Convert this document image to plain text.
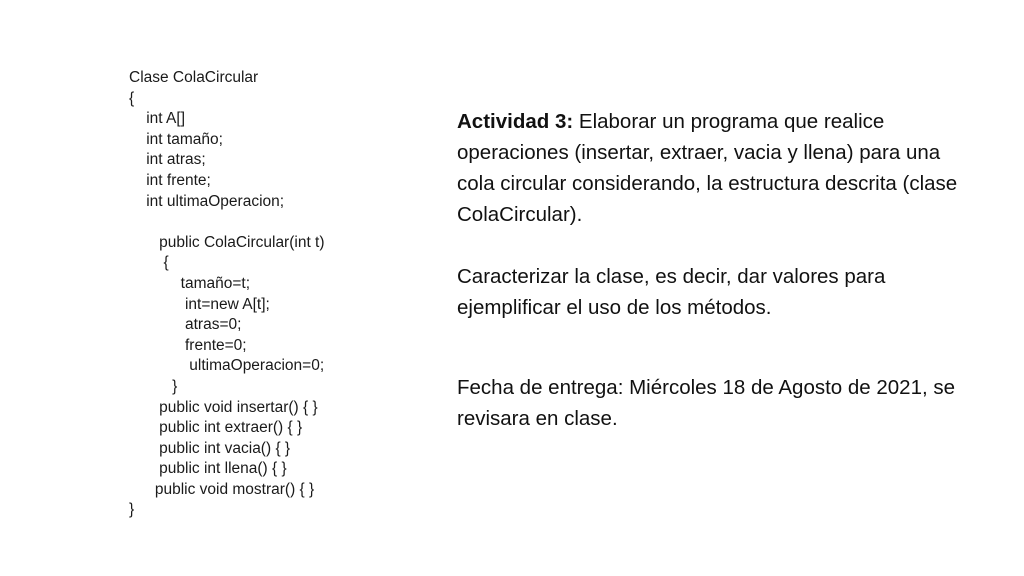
Clase ColaCircular
{
int A[]
int tamaño;
int atras;
int frente;
int ultimaOperacion;
public ColaCircular(int t)
{
tamaño=t;
int=new A[t];
atras=0;
frente=0;
ultimaOperacion=0;
}
public void insertar() { }
public int extraer() { }
public int vacia() { }
public int llena() { }
public void mostrar() { }
}

Actividad 3: Elaborar un programa que realice operaciones (insertar, extraer, vacia y llena) para una cola circular considerando, la estructura descrita (clase ColaCircular).

Caracterizar la clase, es decir, dar valores para ejemplificar el uso de los métodos.

Fecha de entrega: Miércoles 18 de Agosto de 2021, se revisara en clase.
